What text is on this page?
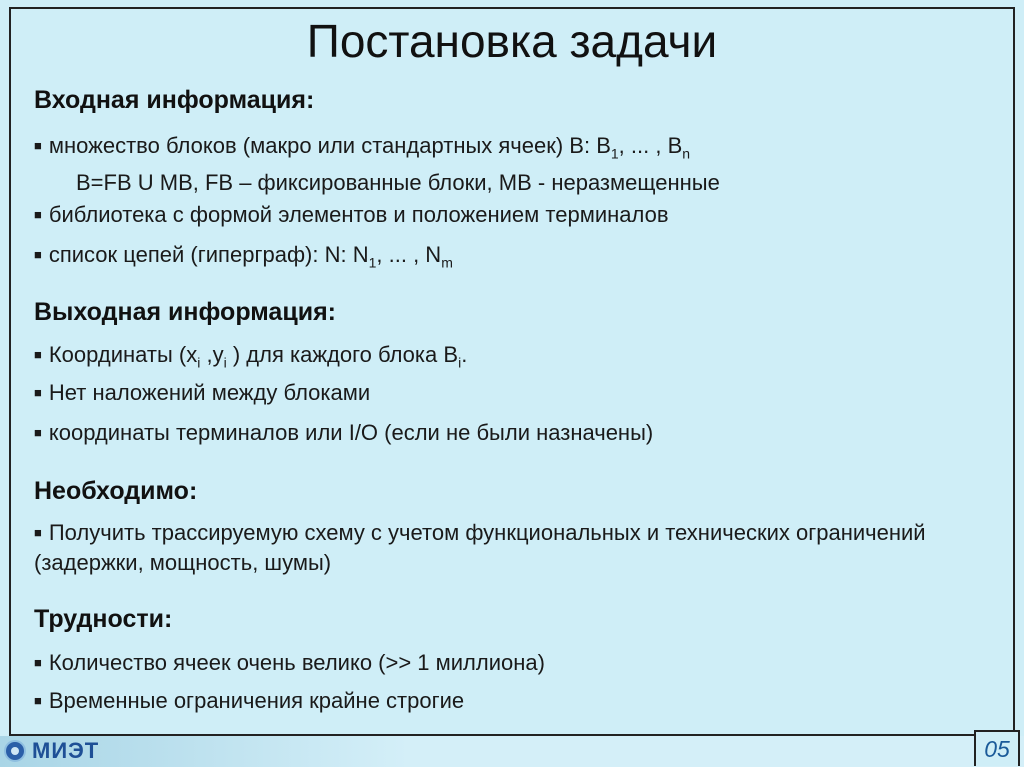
Постановка задачи
Входная информация:
■ множество блоков (макро или стандартных ячеек) B: $B_1$, ... , $B_n$
B=FB U MB, FB – фиксированные блоки, MB - неразмещенные
■ библиотека с формой элементов и положением терминалов
■ список цепей (гиперграф): N: $N_1$, ... , $N_m$
Выходная информация:
■ Координаты ($x_i$ $,y_i$ ) для каждого блока $B_i$.
■ Нет наложений между блоками
■ координаты терминалов или I/O (если не были назначены)
Необходимо:
■ Получить трассируемую схему с учетом функциональных и технических ограничений (задержки, мощность, шумы)
Трудности:
■ Количество ячеек очень велико (>> 1 миллиона)
■ Временные ограничения крайне строгие
МИЭТ	05
